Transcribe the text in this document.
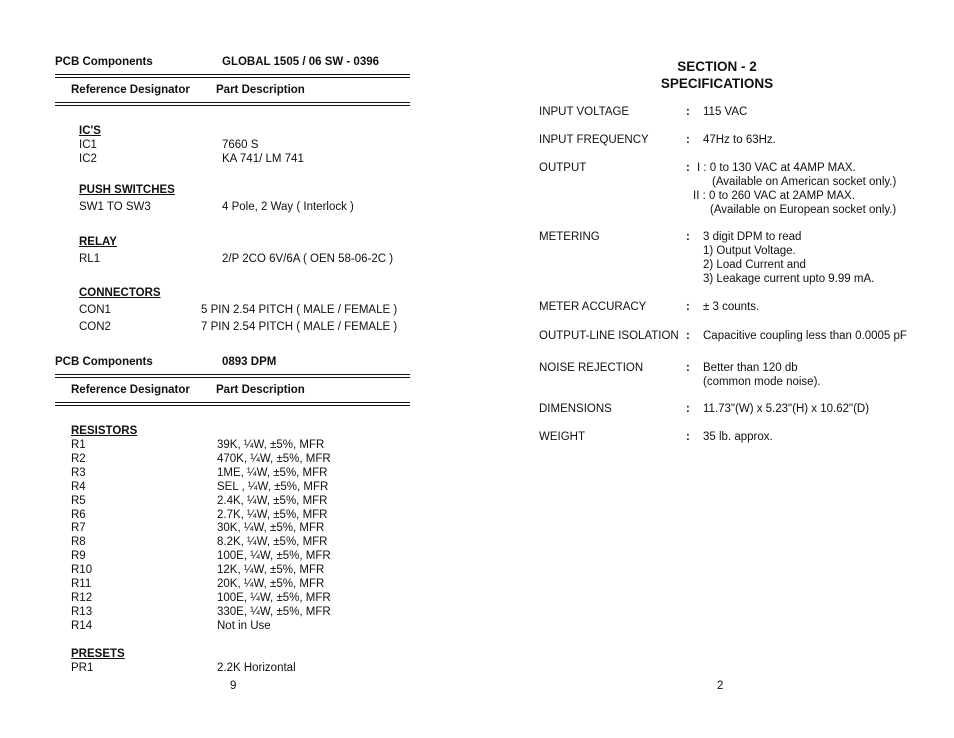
PCB Components	GLOBAL 1505 / 06 SW - 0396
Reference Designator Part Description
IC'S
IC1	7660 S
IC2	KA 741/ LM 741
PUSH SWITCHES
SW1 TO SW3	4 Pole, 2 Way ( Interlock )
RELAY
RL1	2/P 2CO 6V/6A ( OEN 58-06-2C )
CONNECTORS
CON1	5 PIN 2.54 PITCH ( MALE / FEMALE )
CON2	7 PIN 2.54 PITCH ( MALE / FEMALE )
PCB Components	0893 DPM
Reference Designator Part Description
RESISTORS
R1	39K, ¼W, ±5%, MFR
R2	470K, ¼W, ±5%, MFR
R3	1ME, ¼W, ±5%, MFR
R4	SEL , ¼W, ±5%, MFR
R5	2.4K, ¼W, ±5%, MFR
R6	2.7K, ¼W, ±5%, MFR
R7	30K, ¼W, ±5%, MFR
R8	8.2K, ¼W, ±5%, MFR
R9	100E, ¼W, ±5%, MFR
R10	12K, ¼W, ±5%, MFR
R11	20K, ¼W, ±5%, MFR
R12	100E, ¼W, ±5%, MFR
R13	330E, ¼W, ±5%, MFR
R14	Not in Use
PRESETS
PR1	2.2K Horizontal
9
SECTION - 2
SPECIFICATIONS
INPUT VOLTAGE	: 115 VAC
INPUT FREQUENCY	: 47Hz to 63Hz.
OUTPUT	: I : 0 to 130 VAC at 4AMP MAX.
(Available on American socket only.)
II : 0 to 260 VAC at 2AMP MAX.
(Available on European socket only.)
METERING	: 3 digit DPM to read
1) Output Voltage.
2) Load Current and
3) Leakage current upto 9.99 mA.
METER ACCURACY	: ± 3 counts.
OUTPUT-LINE ISOLATION : Capacitive coupling less than 0.0005 pF
NOISE REJECTION	: Better than 120 db
(common mode noise).
DIMENSIONS	: 11.73"(W) x 5.23"(H) x 10.62"(D)
WEIGHT	: 35 lb. approx.
2
